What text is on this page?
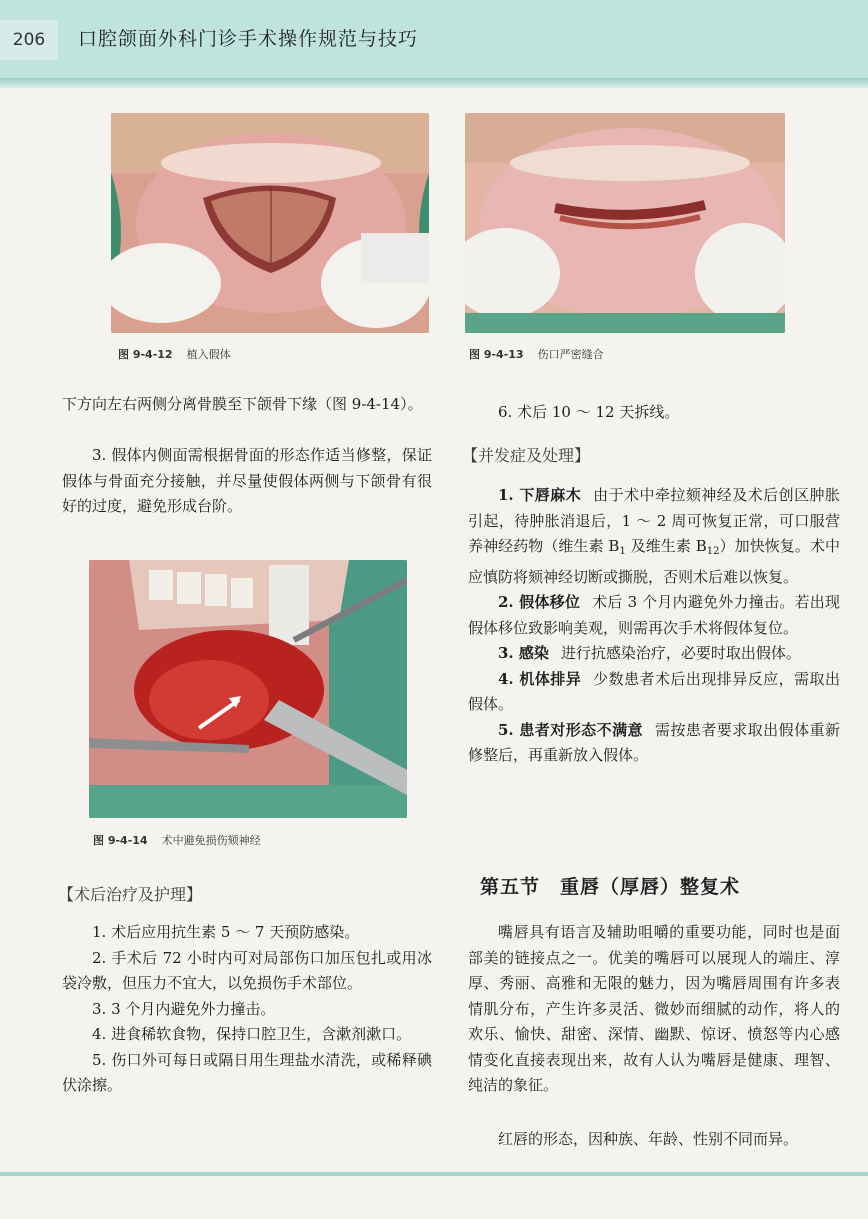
206	口腔颌面外科门诊手术操作规范与技巧
图 9-4-12 植入假体	图 9-4-13 伤口严密缝合

下方向左右两侧分离骨膜至下颌骨下缘（图 9-4-14）。

3. 假体内侧面需根据骨面的形态作适当修整，保证假体与骨面充分接触，并尽量使假体两侧与下颌骨有很好的过度，避免形成台阶。

图 9-4-14 术中避免损伤颏神经
【术后治疗及护理】

1. 术后应用抗生素 5 ～ 7 天预防感染。

2. 手术后 72 小时内可对局部伤口加压包扎或用冰袋冷敷，但压力不宜大，以免损伤手术部位。

3. 3 个月内避免外力撞击。

4. 进食稀软食物，保持口腔卫生，含漱剂漱口。

5. 伤口外可每日或隔日用生理盐水清洗，或稀释碘伏涂擦。

6. 术后 10 ～ 12 天拆线。

【并发症及处理】

1. 下唇麻木 由于术中牵拉颏神经及术后创区肿胀引起，待肿胀消退后，1 ～ 2 周可恢复正常，可口服营养神经药物（维生素 $B_1$ 及维生素 $B_{12}$）加快恢复。术中应慎防将颏神经切断或撕脱，否则术后难以恢复。

2. 假体移位 术后 3 个月内避免外力撞击。若出现假体移位致影响美观，则需再次手术将假体复位。

3. 感染 进行抗感染治疗，必要时取出假体。

4. 机体排异 少数患者术后出现排异反应，需取出假体。

5. 患者对形态不满意 需按患者要求取出假体重新修整后，再重新放入假体。

第五节　重唇（厚唇）整复术

嘴唇具有语言及辅助咀嚼的重要功能，同时也是面部美的链接点之一。优美的嘴唇可以展现人的端庄、淳厚、秀丽、高雅和无限的魅力，因为嘴唇周围有许多表情肌分布，产生许多灵活、微妙而细腻的动作，将人的欢乐、愉快、甜密、深情、幽默、惊讶、愤怒等内心感情变化直接表现出来，故有人认为嘴唇是健康、理智、纯洁的象征。

红唇的形态，因种族、年龄、性别不同而异。
